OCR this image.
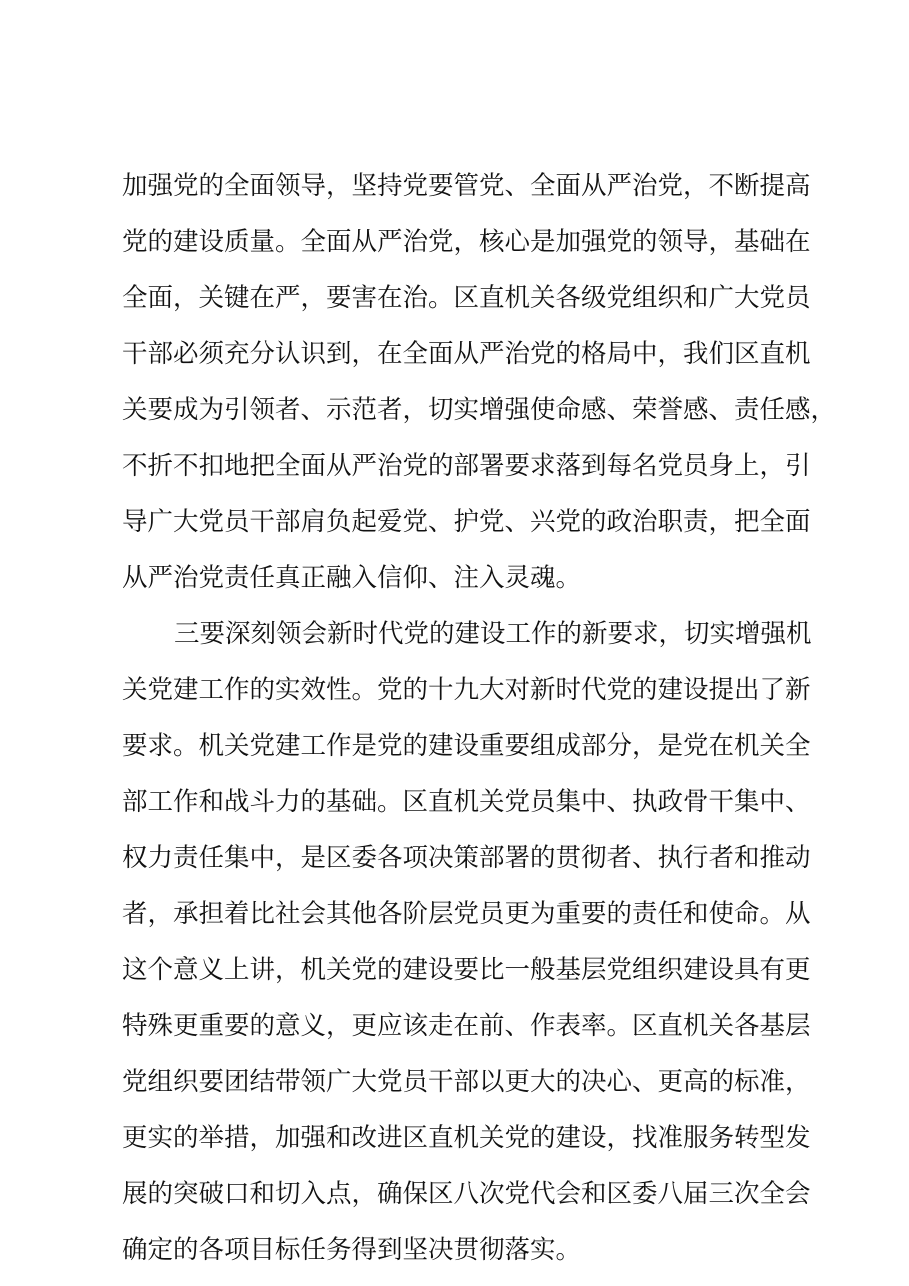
加强党的全面领导，坚持党要管党、全面从严治党，不断提高
党的建设质量。全面从严治党，核心是加强党的领导，基础在
全面，关键在严，要害在治。区直机关各级党组织和广大党员
干部必须充分认识到，在全面从严治党的格局中，我们区直机
关要成为引领者、示范者，切实增强使命感、荣誉感、责任感，
不折不扣地把全面从严治党的部署要求落到每名党员身上，引
导广大党员干部肩负起爱党、护党、兴党的政治职责，把全面
从严治党责任真正融入信仰、注入灵魂。
三要深刻领会新时代党的建设工作的新要求，切实增强机
关党建工作的实效性。党的十九大对新时代党的建设提出了新
要求。机关党建工作是党的建设重要组成部分，是党在机关全
部工作和战斗力的基础。区直机关党员集中、执政骨干集中、
权力责任集中，是区委各项决策部署的贯彻者、执行者和推动
者，承担着比社会其他各阶层党员更为重要的责任和使命。从
这个意义上讲，机关党的建设要比一般基层党组织建设具有更
特殊更重要的意义，更应该走在前、作表率。区直机关各基层
党组织要团结带领广大党员干部以更大的决心、更高的标准，
更实的举措，加强和改进区直机关党的建设，找准服务转型发
展的突破口和切入点，确保区八次党代会和区委八届三次全会
确定的各项目标任务得到坚决贯彻落实。
